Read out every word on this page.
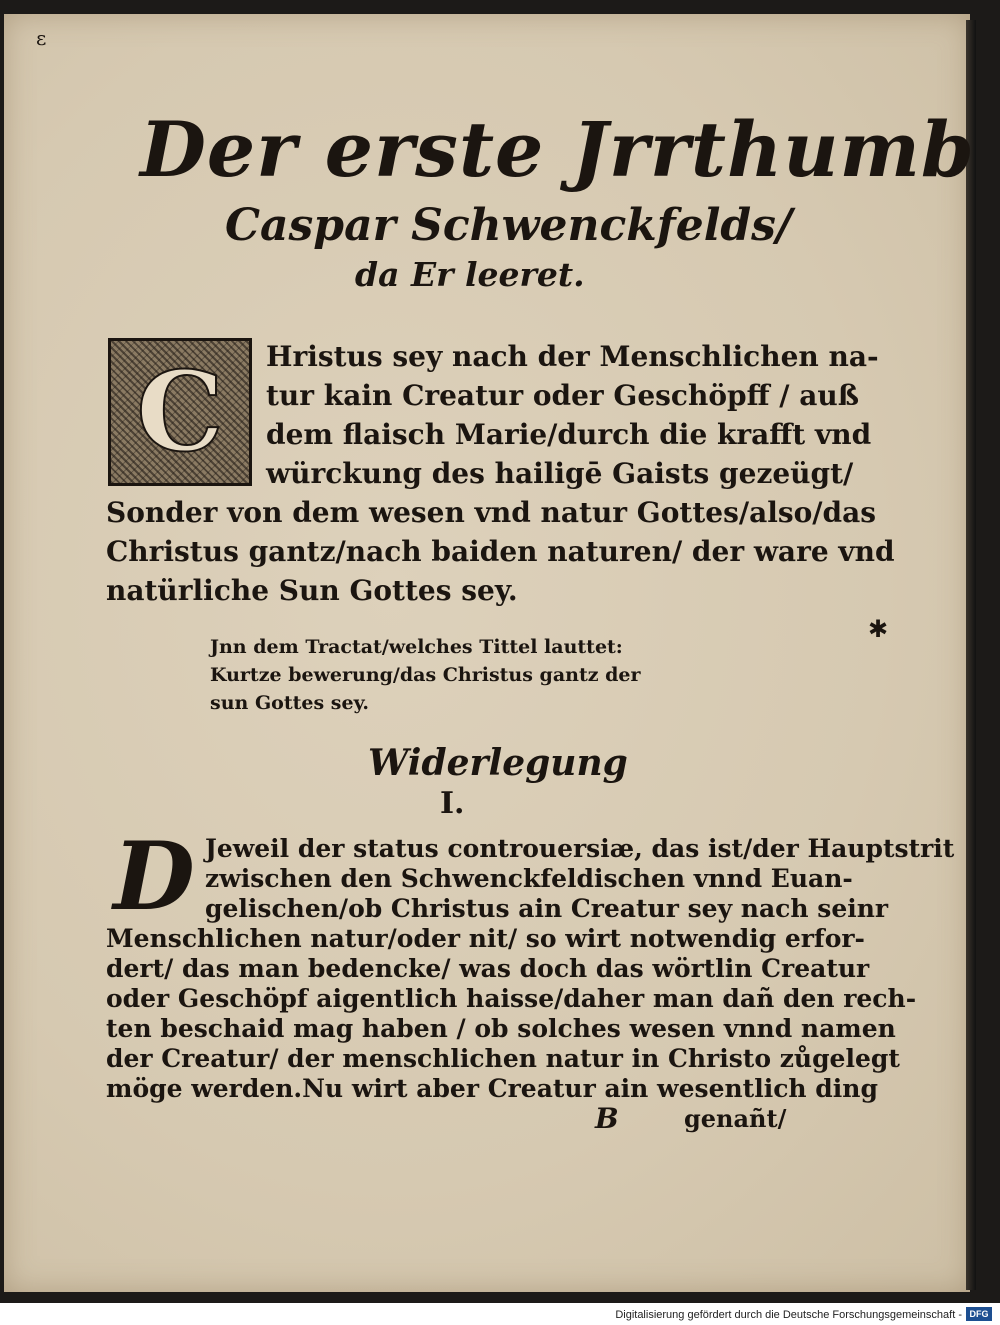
ɛ

Der erste Jrrthumb
Caspar Schwenckfelds/
da Er leeret.
C Hristus sey nach der Menschlichen na-

tur kain Creatur oder Geschöpff / auß

dem flaisch Marie/durch die krafft vnd

würckung des hailigē Gaists gezeügt/

Sonder von dem wesen vnd natur Gottes/also/das

Christus gantz/nach baiden naturen/ der ware vnd

natürliche Sun Gottes sey.

Jnn dem Tractat/welches Tittel lauttet:

Kurtze bewerung/das Christus gantz der

sun Gottes sey.

✱

Widerlegung

I.

D Jeweil der status controuersiæ, das ist/der Hauptstrit

zwischen den Schwenckfeldischen vnnd Euan-

gelischen/ob Christus ain Creatur sey nach seinr

Menschlichen natur/oder nit/ so wirt notwendig erfor-

dert/ das man bedencke/ was doch das wörtlin Creatur

oder Geschöpf aigentlich haisse/daher man dañ den rech-

ten beschaid mag haben / ob solches wesen vnnd namen

der Creatur/ der menschlichen natur in Christo zůgelegt

möge werden.Nu wirt aber Creatur ain wesentlich ding

B	genañt/

Digitalisierung gefördert durch die Deutsche Forschungsgemeinschaft - DFG
